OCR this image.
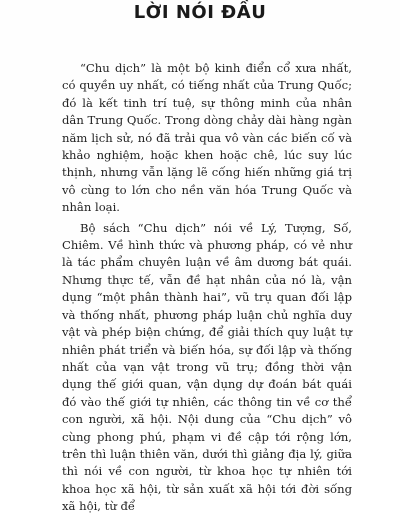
LỜI NÓI ĐẦU

“Chu dịch” là một bộ kinh điển cổ xưa nhất, có quyền uy nhất, có tiếng nhất của Trung Quốc; đó là kết tinh trí tuệ, sự thông minh của nhân dân Trung Quốc. Trong dòng chảy dài hàng ngàn năm lịch sử, nó đã trải qua vô vàn các biến cố và khảo nghiệm, hoặc khen hoặc chê, lúc suy lúc thịnh, nhưng vẫn lặng lẽ cống hiến những giá trị vô cùng to lớn cho nền văn hóa Trung Quốc và nhân loại.

Bộ sách “Chu dịch” nói về Lý, Tượng, Số, Chiêm. Về hình thức và phương pháp, có vẻ như là tác phẩm chuyên luận về âm dương bát quái. Nhưng thực tế, vẫn đề hạt nhân của nó là, vận dụng “một phân thành hai”, vũ trụ quan đối lập và thống nhất, phương pháp luận chủ nghĩa duy vật và phép biện chứng, để giải thích quy luật tự nhiên phát triển và biến hóa, sự đối lập và thống nhất của vạn vật trong vũ trụ; đồng thời vận dụng thế giới quan, vận dụng dự đoán bát quái đó vào thế giới tự nhiên, các thông tin về cơ thể con người, xã hội. Nội dung của “Chu dịch” vô cùng phong phú, phạm vi đề cập tới rộng lớn, trên thì luận thiên văn, dưới thì giảng địa lý, giữa thì nói về con người, từ khoa học tự nhiên tới khoa học xã hội, từ sản xuất xã hội tới đời sống xã hội, từ để
